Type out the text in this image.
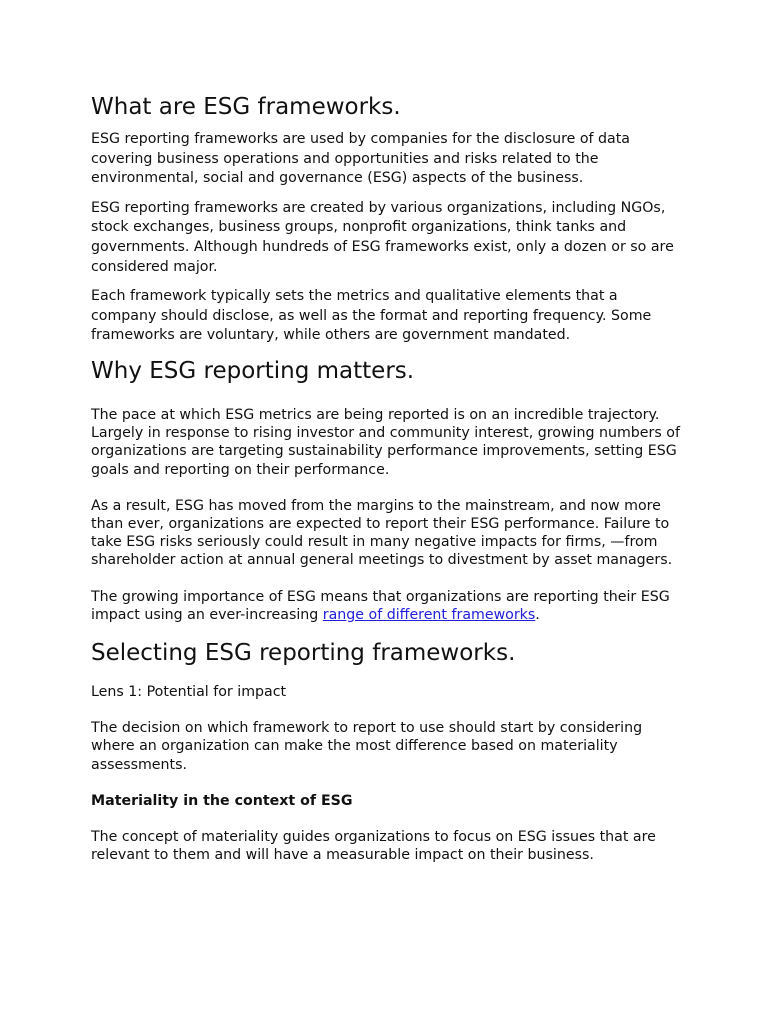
What are ESG frameworks.

ESG reporting frameworks are used by companies for the disclosure of data covering business operations and opportunities and risks related to the environmental, social and governance (ESG) aspects of the business.

ESG reporting frameworks are created by various organizations, including NGOs, stock exchanges, business groups, nonprofit organizations, think tanks and governments. Although hundreds of ESG frameworks exist, only a dozen or so are considered major.

Each framework typically sets the metrics and qualitative elements that a company should disclose, as well as the format and reporting frequency. Some frameworks are voluntary, while others are government mandated.

Why ESG reporting matters.

The pace at which ESG metrics are being reported is on an incredible trajectory. Largely in response to rising investor and community interest, growing numbers of organizations are targeting sustainability performance improvements, setting ESG goals and reporting on their performance.

As a result, ESG has moved from the margins to the mainstream, and now more than ever, organizations are expected to report their ESG performance. Failure to take ESG risks seriously could result in many negative impacts for firms, —from shareholder action at annual general meetings to divestment by asset managers.

The growing importance of ESG means that organizations are reporting their ESG impact using an ever-increasing range of different frameworks.

Selecting ESG reporting frameworks.

Lens 1: Potential for impact

The decision on which framework to report to use should start by considering where an organization can make the most difference based on materiality assessments.

Materiality in the context of ESG

The concept of materiality guides organizations to focus on ESG issues that are relevant to them and will have a measurable impact on their business.
